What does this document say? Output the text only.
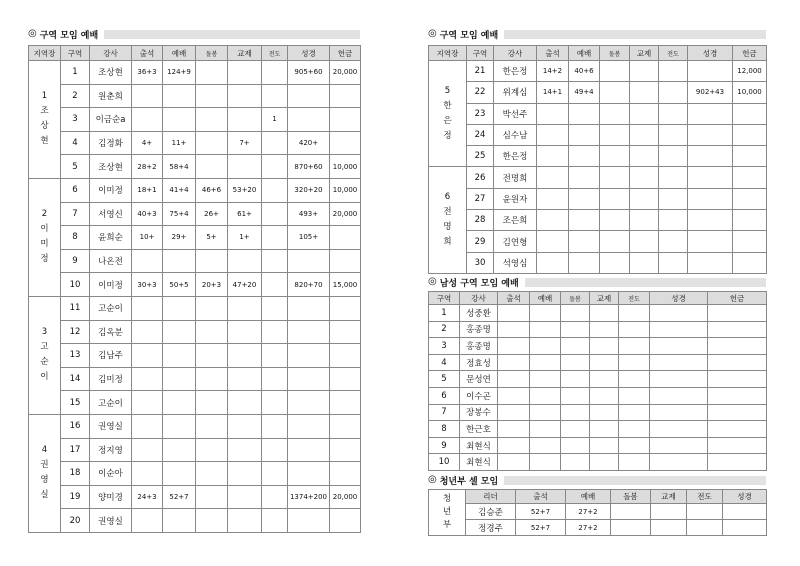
◎ 구역 모임 예배
지역장	구역	강사	출석	예배	돌봄	교제	전도	성경	헌금

1
조
상
현	1	조상현	36+3	124+9				905+60	20,000
	2	원춘희							
	3	이금순a					1		
	4	김정화	4+	11+		7+		420+	
	5	조상현	28+2	58+4				870+60	10,000

2
이
미
정	6	이미정	18+1	41+4	46+6	53+20		320+20	10,000
	7	서영신	40+3	75+4	26+	61+		493+	20,000
	8	윤희순	10+	29+	5+	1+		105+	
	9	나온전							
	10	이미정	30+3	50+5	20+3	47+20		820+70	15,000

3
고
순
이	11	고순이							
	12	김옥분							
	13	김남주							
	14	김미정							
	15	고순이							

4
권
영
실	16	권영실							
	17	정지영							
	18	이순아							
	19	양미경	24+3	52+7				1374+200	20,000
	20	권영실							
◎ 구역 모임 예배
지역장	구역	강사	출석	예배	돌봄	교제	전도	성경	헌금

5
한
은
정	21	한은정	14+2	40+6					12,000
	22	위계심	14+1	49+4				902+43	10,000
	23	박선주							
	24	심수남							
	25	한은정							

6
전
명
희	26	전명희							
	27	윤원자							
	28	조은희							
	29	김연형							
	30	석영심							
◎ 남성 구역 모임 예배
구역	강사	출석	예배	돌봄	교제	전도	성경	헌금
1	성중환							
2	홍종명							
3	홍종명							
4	정효성							
5	문성연							
6	이수곤							
7	장봉수							
8	한근호							
9	최현식							
10	최현식							
◎ 청년부 셀 모임
청
년
부	리더	출석	예배	돌봄	교제	전도	성경
	김승준	52+7	27+2				
	정경주	52+7	27+2				
